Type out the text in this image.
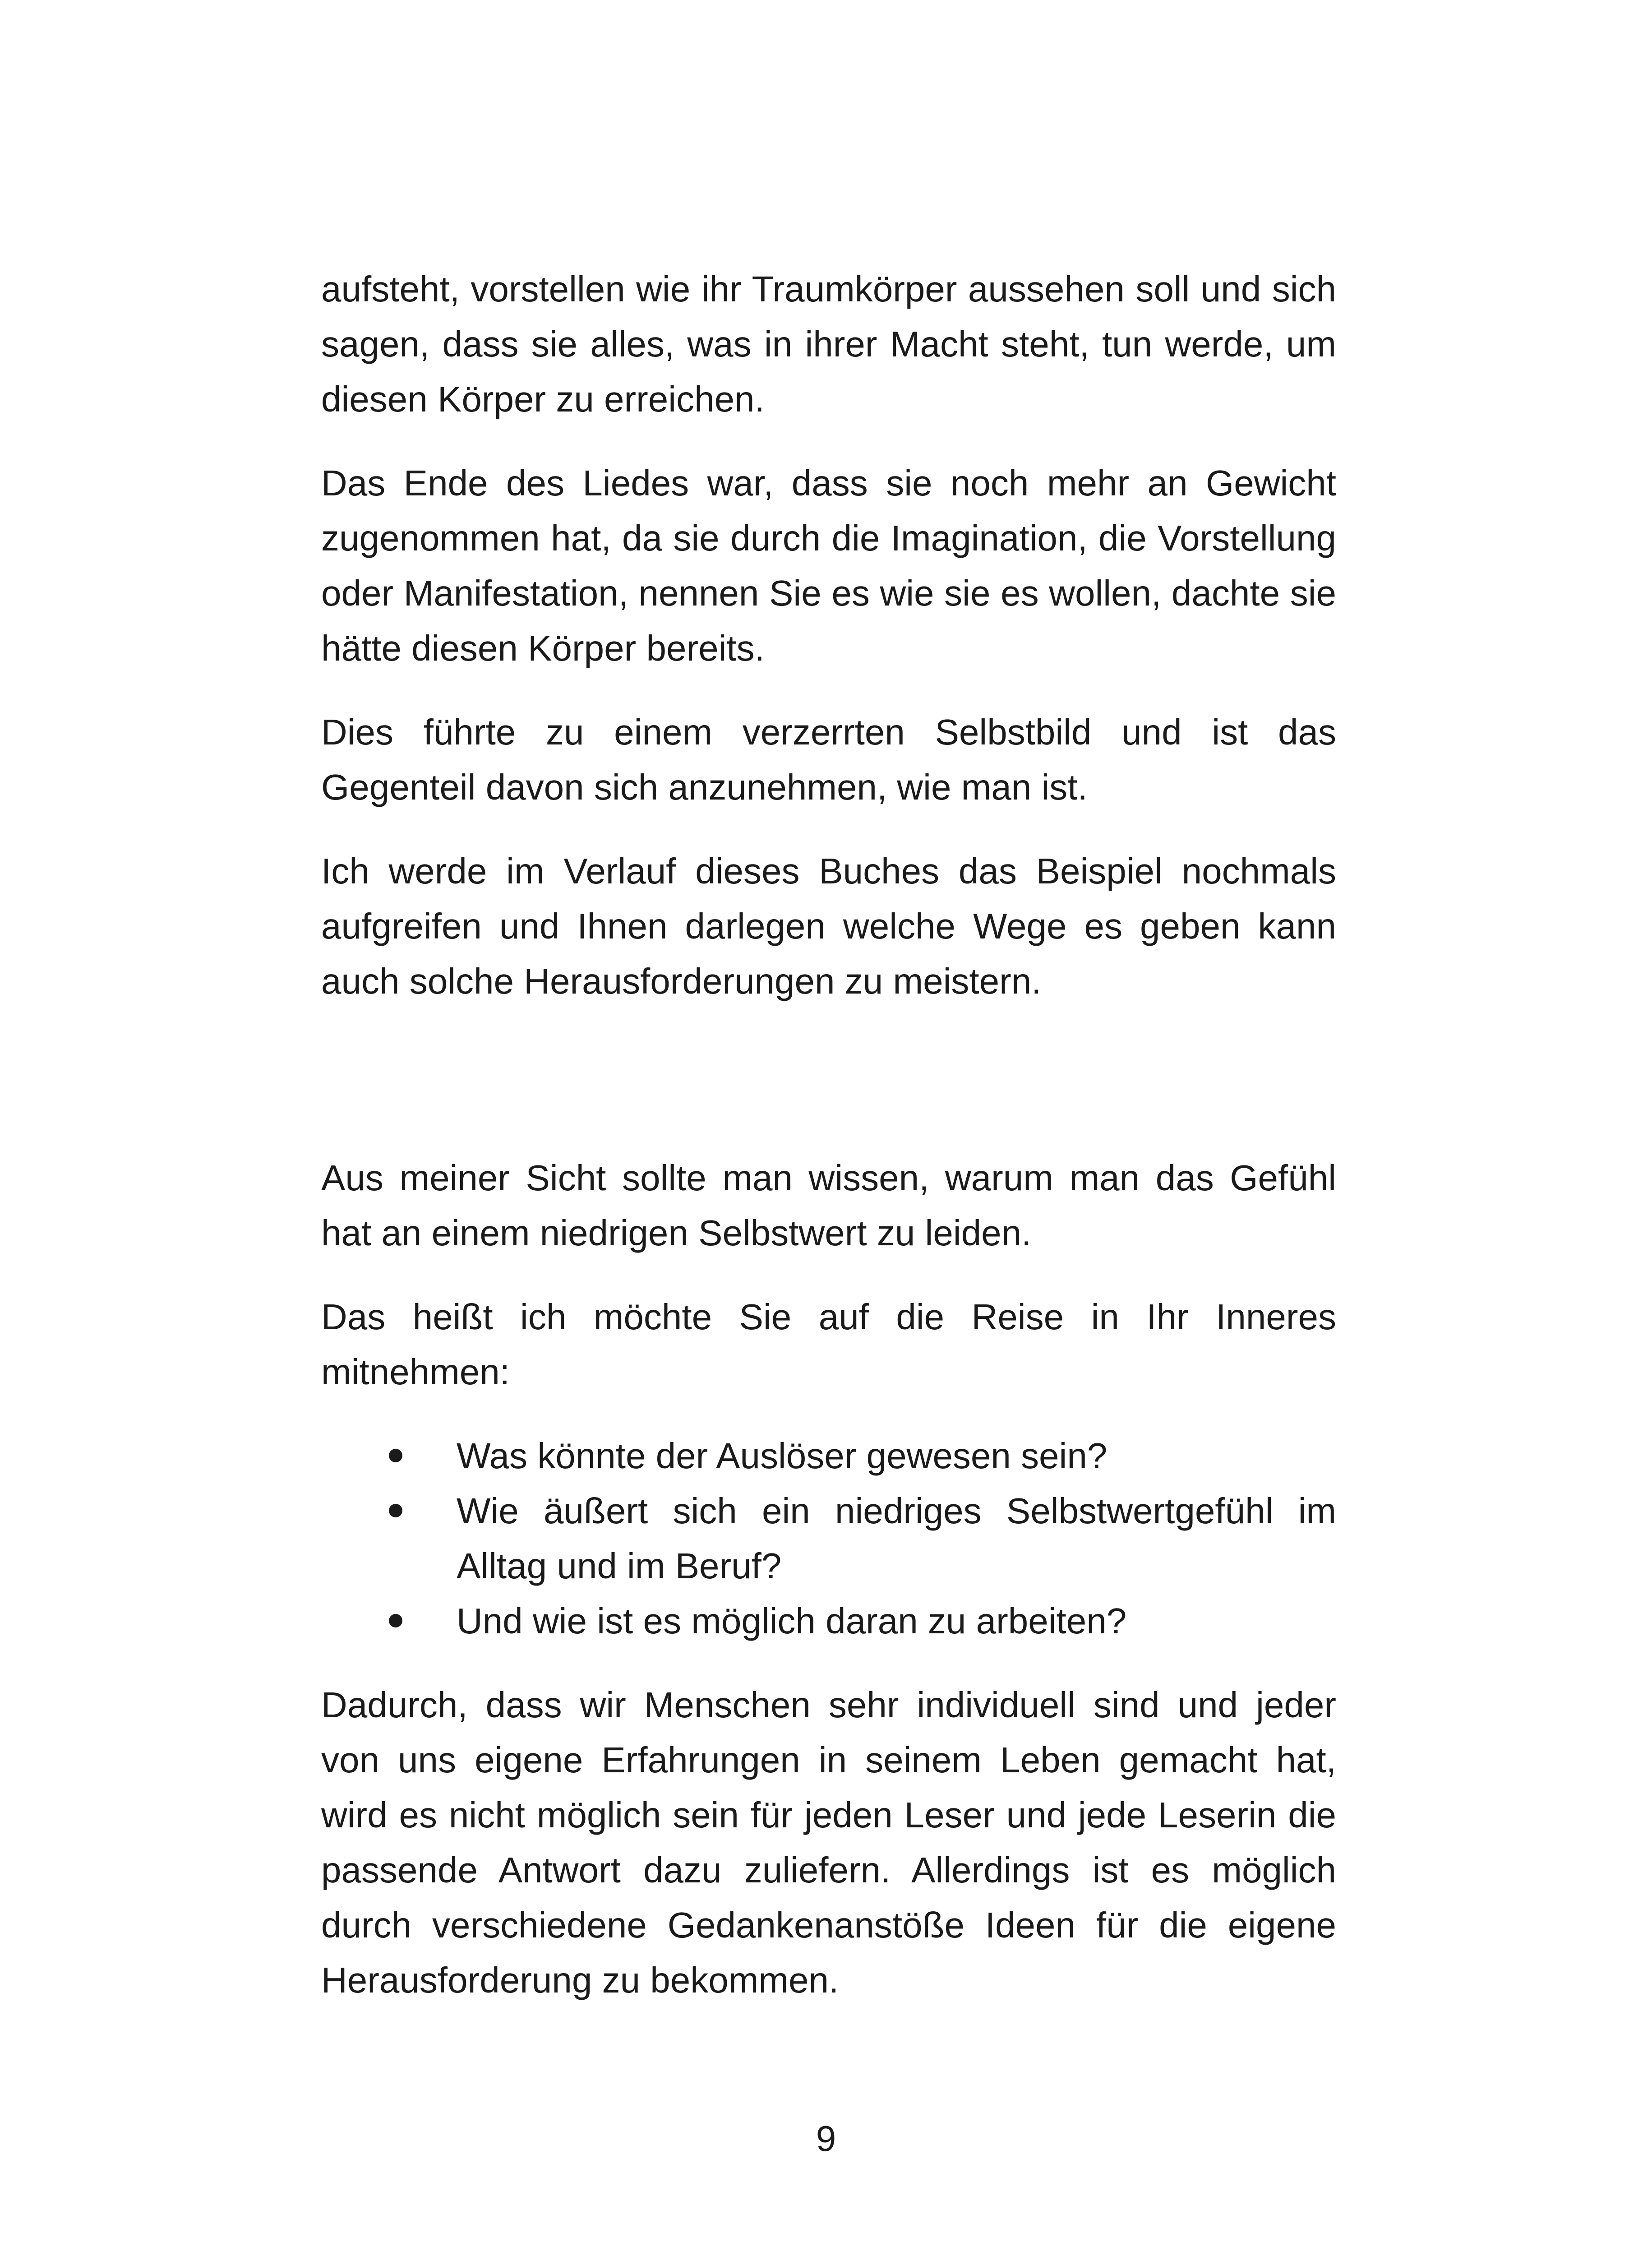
aufsteht, vorstellen wie ihr Traumkörper aussehen soll und sich sagen, dass sie alles, was in ihrer Macht steht, tun werde, um diesen Körper zu erreichen.

Das Ende des Liedes war, dass sie noch mehr an Gewicht zugenommen hat, da sie durch die Imagination, die Vorstellung oder Manifestation, nennen Sie es wie sie es wollen, dachte sie hätte diesen Körper bereits.

Dies führte zu einem verzerrten Selbstbild und ist das Gegenteil davon sich anzunehmen, wie man ist.

Ich werde im Verlauf dieses Buches das Beispiel nochmals aufgreifen und Ihnen darlegen welche Wege es geben kann auch solche Herausforderungen zu meistern.

Aus meiner Sicht sollte man wissen, warum man das Gefühl hat an einem niedrigen Selbstwert zu leiden.

Das heißt ich möchte Sie auf die Reise in Ihr Inneres mitnehmen:

Was könnte der Auslöser gewesen sein?
Wie äußert sich ein niedriges Selbstwertgefühl im Alltag und im Beruf?
Und wie ist es möglich daran zu arbeiten?

Dadurch, dass wir Menschen sehr individuell sind und jeder von uns eigene Erfahrungen in seinem Leben gemacht hat, wird es nicht möglich sein für jeden Leser und jede Leserin die passende Antwort dazu zuliefern. Allerdings ist es möglich durch verschiedene Gedankenanstöße Ideen für die eigene Herausforderung zu bekommen.

9
